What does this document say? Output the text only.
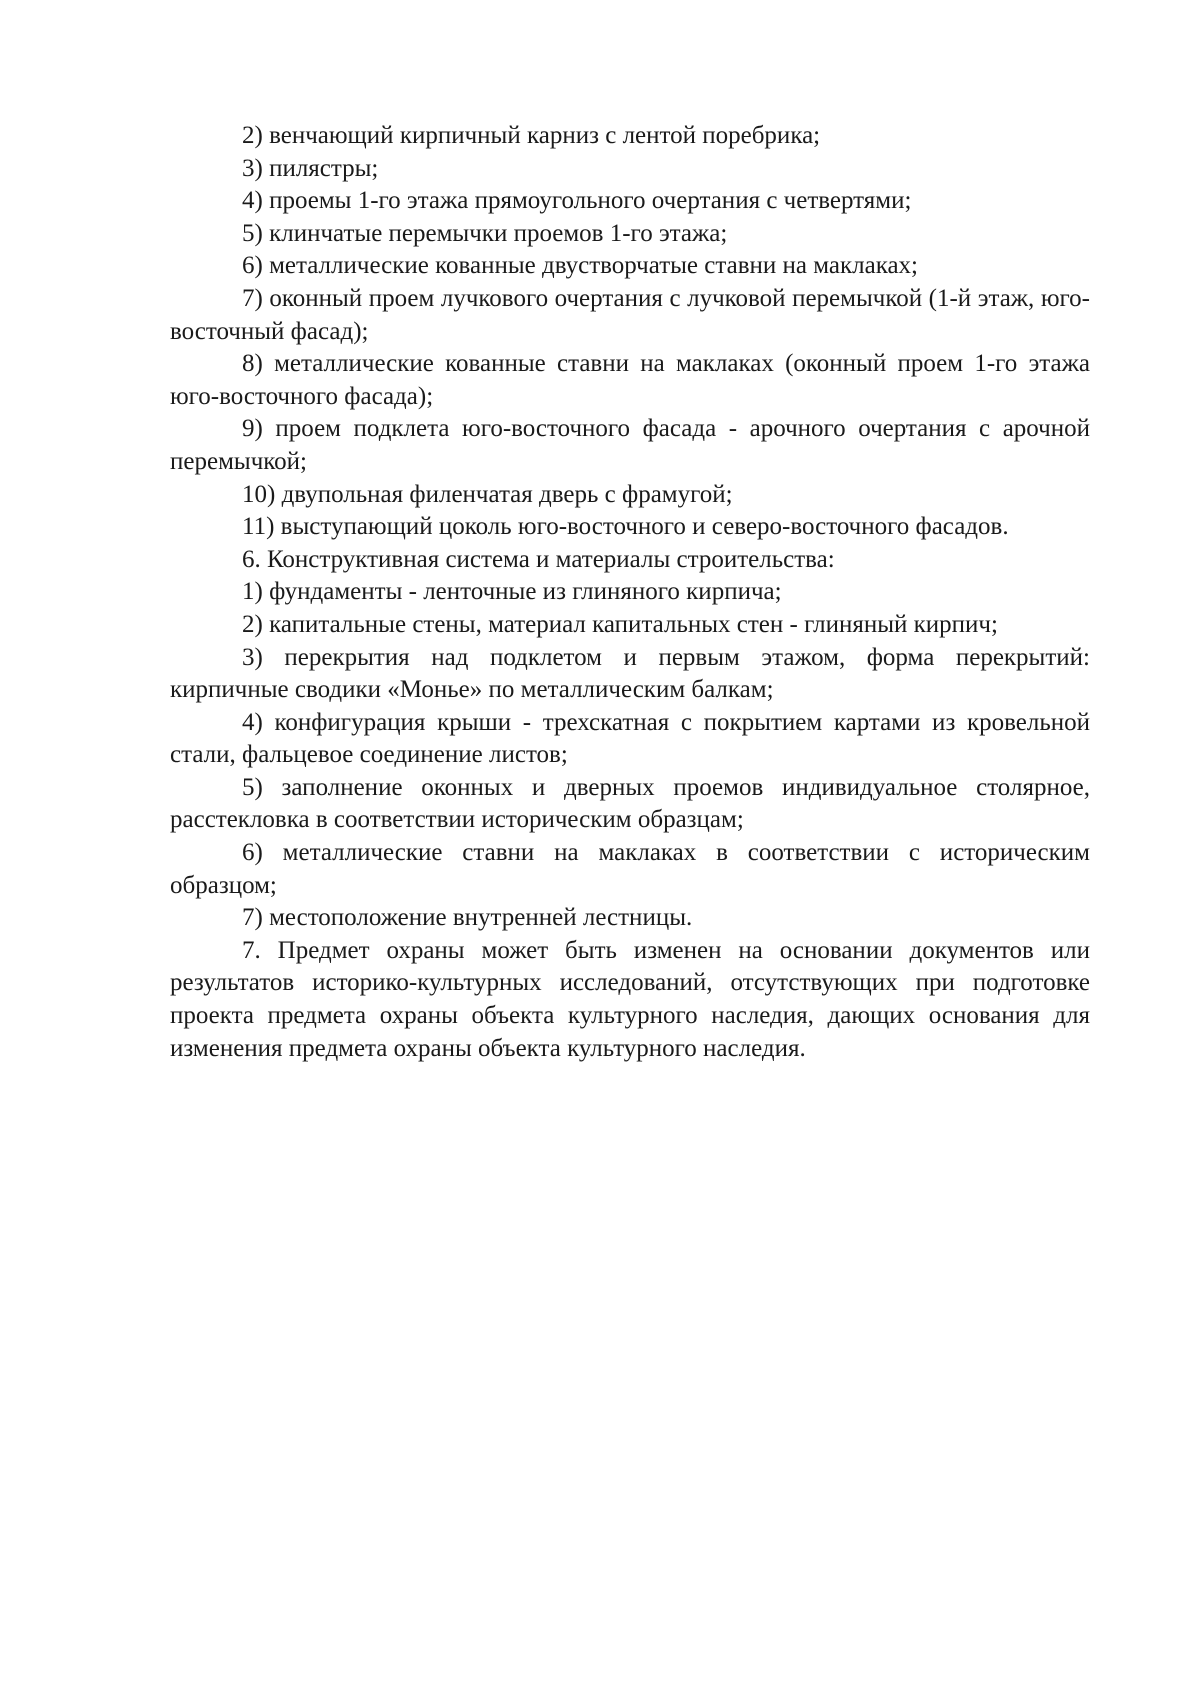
2) венчающий кирпичный карниз с лентой поребрика;

3) пилястры;

4) проемы 1-го этажа прямоугольного очертания с четвертями;

5) клинчатые перемычки проемов 1-го этажа;

6) металлические кованные двустворчатые ставни на маклаках;

7) оконный проем лучкового очертания с лучковой перемычкой (1-й этаж, юго-восточный фасад);

8) металлические кованные ставни на маклаках (оконный проем 1-го этажа юго-восточного фасада);

9) проем подклета юго-восточного фасада - арочного очертания с арочной перемычкой;

10) двупольная филенчатая дверь с фрамугой;

11) выступающий цоколь юго-восточного и северо-восточного фасадов.

6. Конструктивная система и материалы строительства:

1) фундаменты - ленточные из глиняного кирпича;

2) капитальные стены, материал капитальных стен - глиняный кирпич;

3) перекрытия над подклетом и первым этажом, форма перекрытий: кирпичные сводики «Монье» по металлическим балкам;

4) конфигурация крыши - трехскатная с покрытием картами из кровельной стали, фальцевое соединение листов;

5) заполнение оконных и дверных проемов индивидуальное столярное, расстекловка в соответствии историческим образцам;

6) металлические ставни на маклаках в соответствии с историческим образцом;

7) местоположение внутренней лестницы.

7. Предмет охраны может быть изменен на основании документов или результатов историко-культурных исследований, отсутствующих при подготовке проекта предмета охраны объекта культурного наследия, дающих основания для изменения предмета охраны объекта культурного наследия.
